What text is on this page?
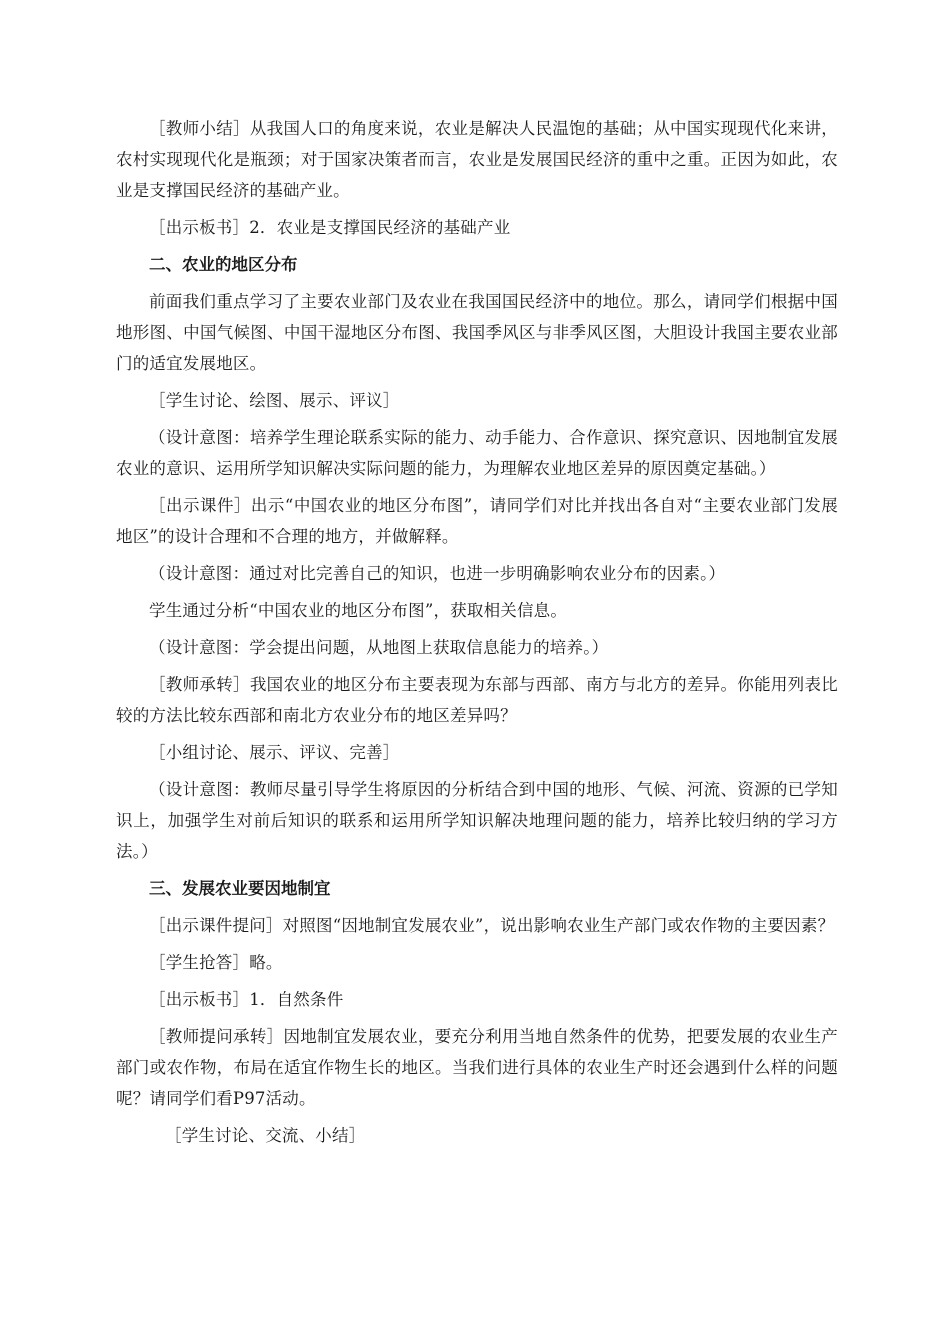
［教师小结］从我国人口的角度来说，农业是解决人民温饱的基础；从中国实现现代化来讲，农村实现现代化是瓶颈；对于国家决策者而言，农业是发展国民经济的重中之重。正因为如此，农业是支撑国民经济的基础产业。

［出示板书］2．农业是支撑国民经济的基础产业

二、农业的地区分布

前面我们重点学习了主要农业部门及农业在我国国民经济中的地位。那么，请同学们根据中国地形图、中国气候图、中国干湿地区分布图、我国季风区与非季风区图，大胆设计我国主要农业部门的适宜发展地区。

［学生讨论、绘图、展示、评议］

（设计意图：培养学生理论联系实际的能力、动手能力、合作意识、探究意识、因地制宜发展农业的意识、运用所学知识解决实际问题的能力，为理解农业地区差异的原因奠定基础。）

［出示课件］出示“中国农业的地区分布图”，请同学们对比并找出各自对“主要农业部门发展地区”的设计合理和不合理的地方，并做解释。

（设计意图：通过对比完善自己的知识，也进一步明确影响农业分布的因素。）

学生通过分析“中国农业的地区分布图”，获取相关信息。

（设计意图：学会提出问题，从地图上获取信息能力的培养。）

［教师承转］我国农业的地区分布主要表现为东部与西部、南方与北方的差异。你能用列表比较的方法比较东西部和南北方农业分布的地区差异吗？

［小组讨论、展示、评议、完善］

（设计意图：教师尽量引导学生将原因的分析结合到中国的地形、气候、河流、资源的已学知识上，加强学生对前后知识的联系和运用所学知识解决地理问题的能力，培养比较归纳的学习方法。）

三、发展农业要因地制宜

［出示课件提问］对照图“因地制宜发展农业”，说出影响农业生产部门或农作物的主要因素？

［学生抢答］略。

［出示板书］1．自然条件

［教师提问承转］因地制宜发展农业，要充分利用当地自然条件的优势，把要发展的农业生产部门或农作物，布局在适宜作物生长的地区。当我们进行具体的农业生产时还会遇到什么样的问题呢？请同学们看P97活动。

［学生讨论、交流、小结］
